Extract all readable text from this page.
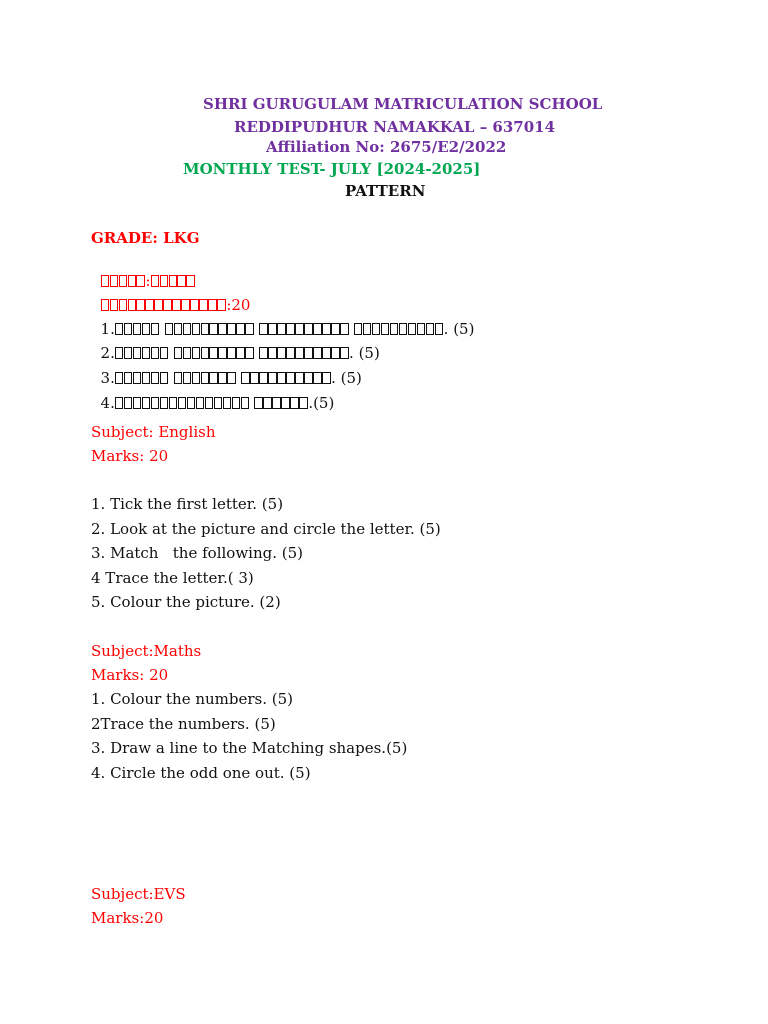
SHRI GURUGULAM MATRICULATION SCHOOL
REDDIPUDHUR NAMAKKAL – 637014
Affiliation No: 2675/E2/2022
MONTHLY TEST- JULY [2024-2025]
PATTERN
GRADE: LKG

:

:20

1.	. (5)

2.	. (5)

3.	. (5)

4.	.(5)

Subject: English
Marks: 20
1. Tick the first letter. (5)
2. Look at the picture and circle the letter. (5)
3. Match   the following. (5)
4 Trace the letter.( 3)
5. Colour the picture. (2)
Subject:Maths
Marks: 20
1. Colour the numbers. (5)
2Trace the numbers. (5)
3. Draw a line to the Matching shapes.(5)
4. Circle the odd one out. (5)
Subject:EVS
Marks:20
